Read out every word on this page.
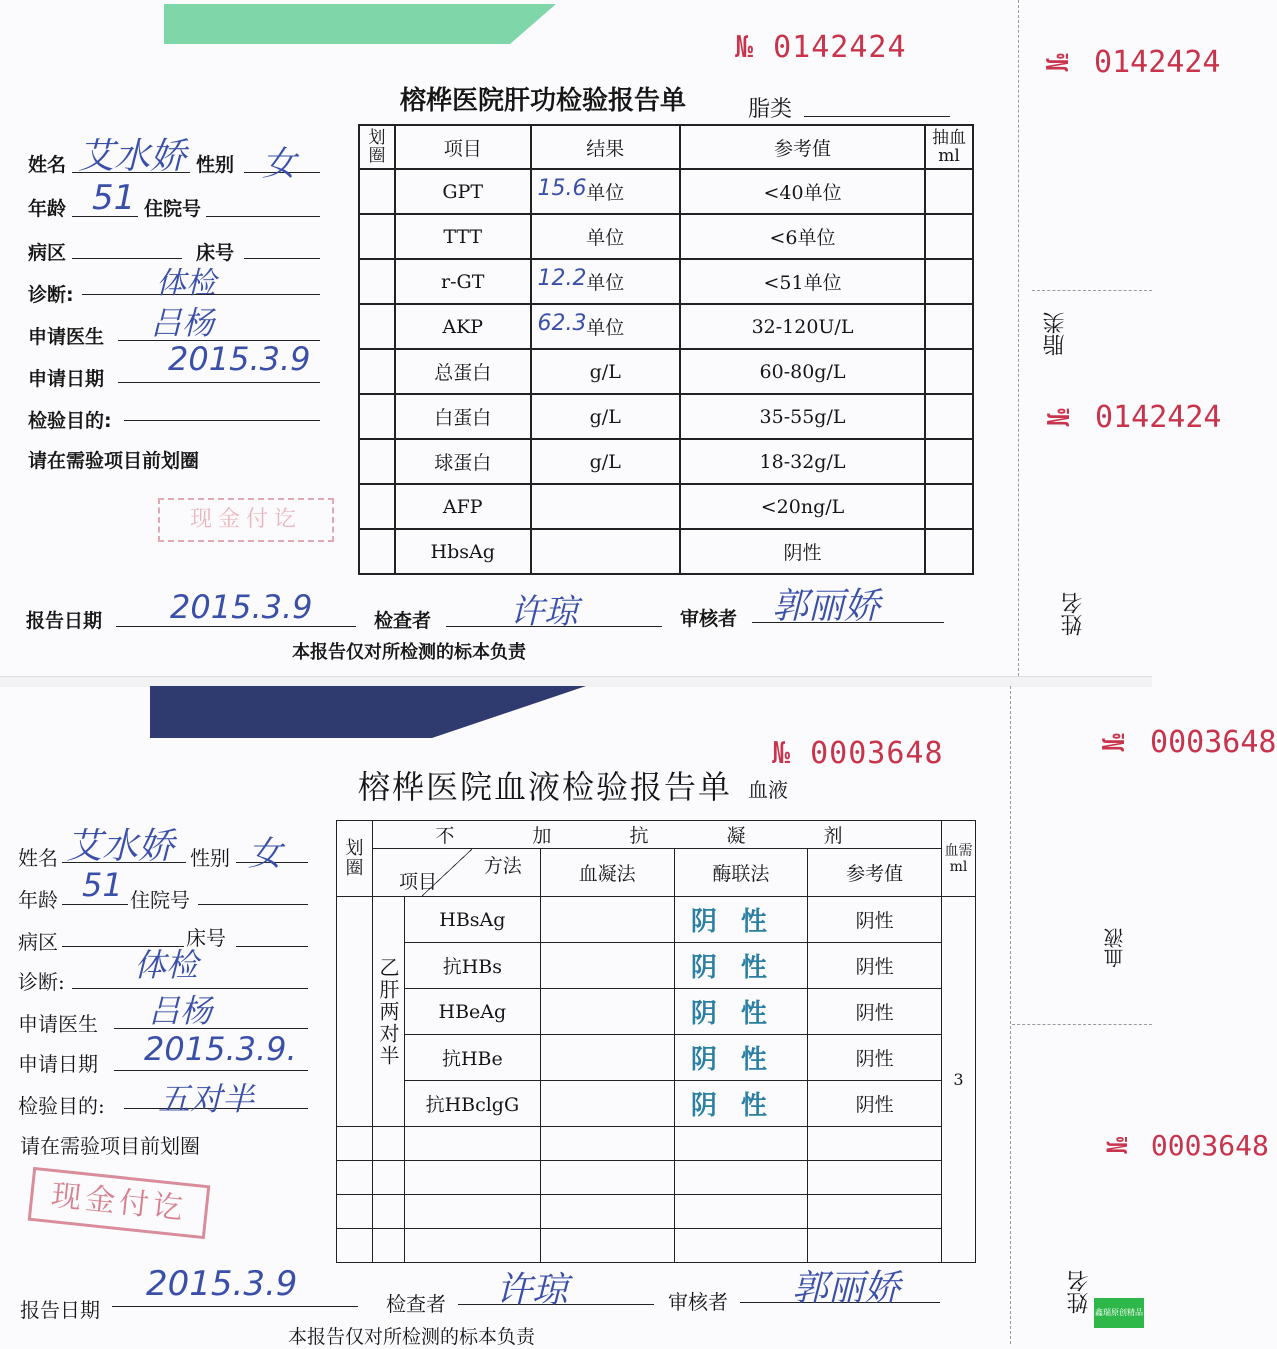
№ 0142424
榕桦医院肝功检验报告单	脂类
姓名 艾水娇 性别 女
年龄 51 住院号
病区	床号
诊断:	体检
申请医生 吕杨
申请日期
2015.3.9
检验目的:
请在需验项目前划圈
现金付讫
划圈	项目	结果	参考值	抽血ml
	GPT	15.6 单位	<40单位	
	TTT	单位	<6单位	
	r-GT	12.2 单位	<51单位	
	AKP	62.3 单位	32-120U/L	
	总蛋白	g/L	60-80g/L	
	白蛋白	g/L	35-55g/L	
	球蛋白	g/L	18-32g/L	
	AFP		<20ng/L	
	HbsAg		阴性	
报告日期 2015.3.9	检查者 许琼	审核者 郭丽娇
本报告仅对所检测的标本负责
№ 0142424
脂类
№ 0142424
姓名
№ 0003648
榕桦医院血液检验报告单 血液
姓名 艾水娇 性别 女
年龄 51 住院号
病区	床号
诊断: 体检
申请医生 吕杨
申请日期 2015.3.9.
检验目的: 五对半
请在需验项目前划圈
现金付讫
划圈	不 加 抗 凝 剂					血需ml

	方法
项目		血凝法	酶联法	参考值	
	乙肝两对半	HBsAg		阴性	阴性	3
		抗HBs		阴性	阴性	
		HBeAg		阴性	阴性	
		抗HBe		阴性	阴性	
		抗HBclgG		阴性	阴性	

报告日期
2015.3.9	检查者 许琼	审核者 郭丽娇
本报告仅对所检测的标本负责
№ 0003648
血液
№ 0003648
姓名 鑫瑞原创精品
